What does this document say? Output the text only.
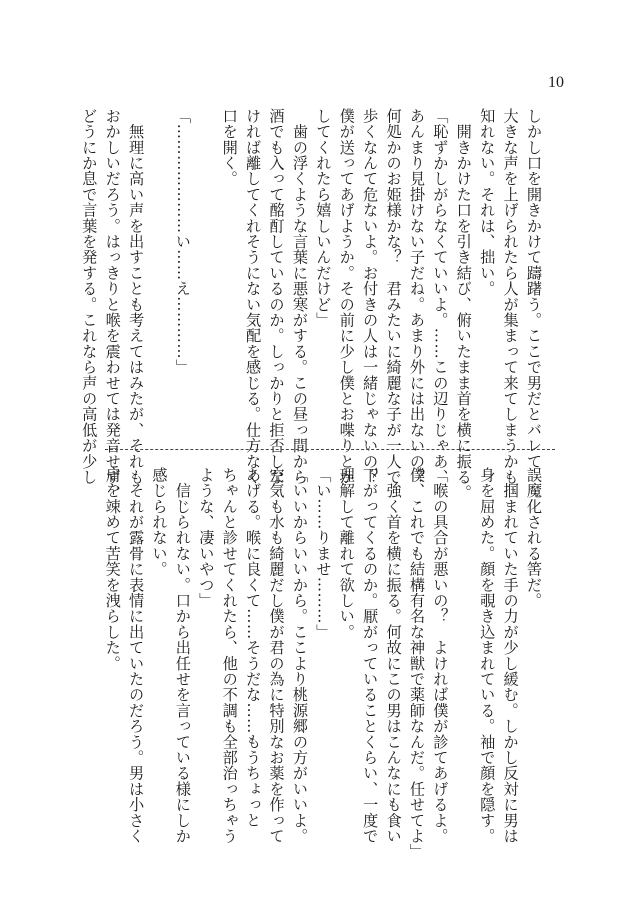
10
しかし口を開きかけて躊躇う。ここで男だとバレて
大きな声を上げられたら人が集まって来てしまうかも
知れない。それは、拙い。
　開きかけた口を引き結び、俯いたまま首を横に振る。
「恥ずかしがらなくていいよ。……この辺りじゃあ、
あんまり見掛けない子だね。あまり外には出ないの？
何処かのお姫様かな？　君みたいに綺麗な子が一人で
歩くなんて危ないよ。お付きの人は一緒じゃないの？
僕が送ってあげようか。その前に少し僕とお喋りとか
してくれたら嬉しいんだけど」
　歯の浮くような言葉に悪寒がする。この昼っ間から
酒でも入って酩酊しているのか。しっかりと拒否しな
ければ離してくれそうにない気配を感じる。仕方なく
口を開く。

「…………………い……え…………」

　無理に高い声を出すことも考えてはみたが、それも
おかしいだろう。はっきりと喉を震わせては発音せず、
どうにか息で言葉を発する。これなら声の高低が少し
誤魔化される筈だ。
　掴まれていた手の力が少し緩む。しかし反対に男は
身を屈めた。顔を覗き込まれている。袖で顔を隠す。

「喉の具合が悪いの？　よければ僕が診てあげるよ。
僕、これでも結構有名な神獣で薬師なんだ。任せてよ」
　強く首を横に振る。何故にこの男はこんなにも食い
下がってくるのか。厭がっていることくらい、一度で
理解して離れて欲しい。
「い……りませ………」
「いいからいいから。ここより桃源郷の方がいいよ。
空気も水も綺麗だし僕が君の為に特別なお薬を作って
あげる。喉に良くて……そうだな……もうちょっと
ちゃんと診せてくれたら、他の不調も全部治っちゃう
ような、凄いやつ」
　信じられない。口から出任せを言っている様にしか
感じられない。
　それが露骨に表情に出ていたのだろう。男は小さく
肩を竦めて苦笑を洩らした。
